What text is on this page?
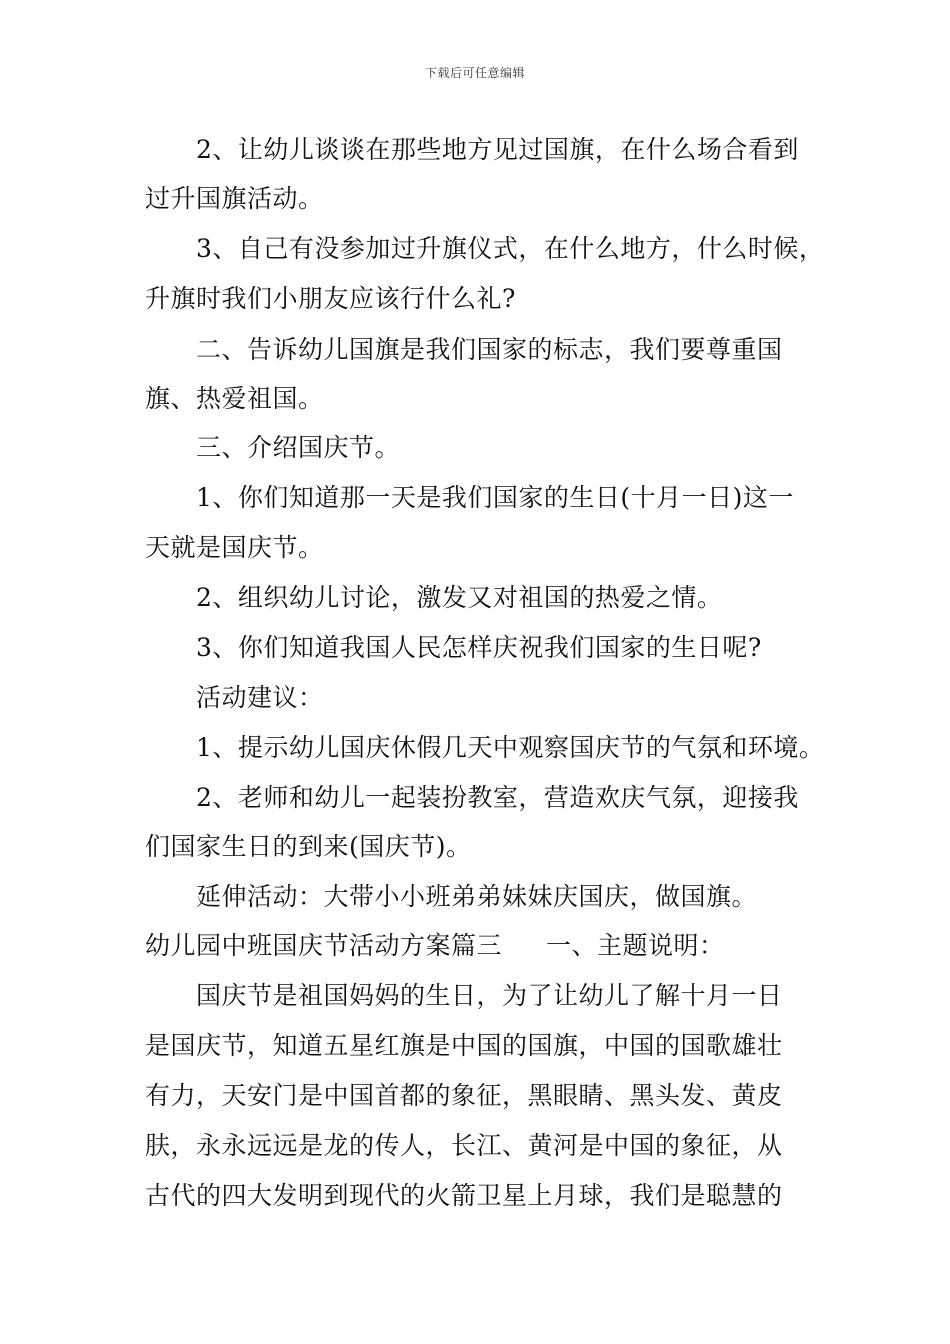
下载后可任意编辑
2、让幼儿谈谈在那些地方见过国旗，在什么场合看到
过升国旗活动。
3、自己有没参加过升旗仪式，在什么地方，什么时候，
升旗时我们小朋友应该行什么礼?
二、告诉幼儿国旗是我们国家的标志，我们要尊重国
旗、热爱祖国。
三、介绍国庆节。
1、你们知道那一天是我们国家的生日(十月一日)这一
天就是国庆节。
2、组织幼儿讨论，激发又对祖国的热爱之情。
3、你们知道我国人民怎样庆祝我们国家的生日呢?
活动建议：
1、提示幼儿国庆休假几天中观察国庆节的气氛和环境。
2、老师和幼儿一起装扮教室，营造欢庆气氛，迎接我
们国家生日的到来(国庆节)。
延伸活动：大带小小班弟弟妹妹庆国庆，做国旗。
幼儿园中班国庆节活动方案篇三 一、主题说明：
国庆节是祖国妈妈的生日，为了让幼儿了解十月一日
是国庆节，知道五星红旗是中国的国旗，中国的国歌雄壮
有力，天安门是中国首都的象征，黑眼睛、黑头发、黄皮
肤，永永远远是龙的传人，长江、黄河是中国的象征，从
古代的四大发明到现代的火箭卫星上月球，我们是聪慧的
